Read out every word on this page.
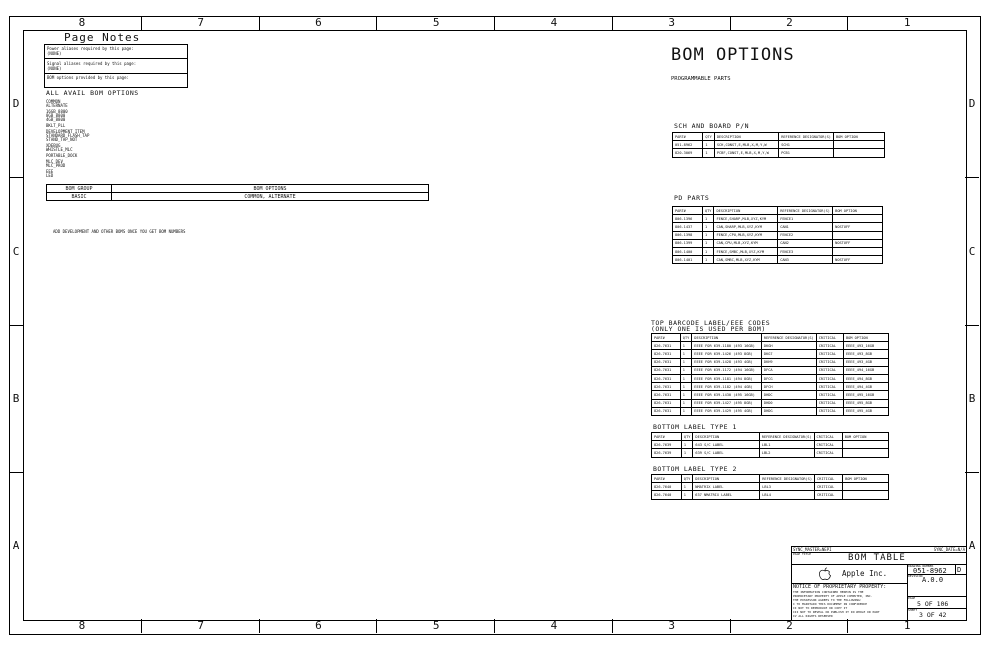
8	7	6	5	4	3	2	1
8	7	6	5	4	3	2	1
D
C
B
A
D
C
B
A
Page Notes
Power aliases required by this page:
(NONE)
Signal aliases required by this page:
(NONE)
BOM options provided by this page:
ALL AVAIL BOM OPTIONS
COMMON
ALTERNATE
16GB_8800
8GB_8800
4GB_8800
BKLT_PLL
DEVELOPMENT_ITEM
STANDARD_FLASH_TAP
STAND_TAP_NOT
XDEBUG
WHISTLE_MLC
PORTABLE_DOCK
MLC_DEV
MLC_PROD
EEE
LED
BOM GROUP	BOM OPTIONS
BASIC	COMMON, ALTERNATE
ADD DEVELOPMENT AND OTHER BOMS ONCE YOU GET BOM NUMBERS
BOM OPTIONS
PROGRAMMABLE PARTS
SCH AND BOARD P/N
PART#	QTY	DESCRIPTION	REFERENCE DESIGNATOR(S)	BOM OPTION
051-8962	1	SCH,CONST,E,MLB,X,M,Y,W	SCH1	
820-3069	1	PCBF,CONST,E,MLB,X,M,Y,W	PCB1	
PD PARTS
PART#	QTY	DESCRIPTION	REFERENCE DESIGNATOR(S)	BOM OPTION
806-1396	1	FENCE,SHARP,MLB,XYZ,KYM	FENCE1	
806-1437	1	CAN,SHARP,MLB,XYZ,KYM	CAN1	NOSTUFF
806-1398	1	FENCE,CPU,MLB,XYZ,KYM	FENCE2	
806-1399	1	CAN,CPU,MLB,XYZ,KYM	CAN2	NOSTUFF
806-1400	1	FENCE,SMBC,MLB,XYZ,KYM	FENCE3	
806-1401	1	CAN,SMBC,MLB,XYZ,KYM	CAN3	NOSTUFF
TOP BARCODE LABEL/EEE CODES
(ONLY ONE IS USED PER BOM)
PART#	QTY	DESCRIPTION	REFERENCE DESIGNATOR(S)	CRITICAL	BOM OPTION
826-7631	1	EEEE FOR 639-1180 (493 16GB)	DKGH	CRITICAL	EEEE_493_16GB
826-7631	1	EEEE FOR 639-1426 (493 8GB)	DKG7	CRITICAL	EEEE_493_8GB
826-7631	1	EEEE FOR 639-1428 (493 4GB)	DKH9	CRITICAL	EEEE_493_4GB
826-7631	1	EEEE FOR 639-1172 (494 16GB)	DFCA	CRITICAL	EEEE_494_16GB
826-7631	1	EEEE FOR 639-1181 (494 8GB)	DFCG	CRITICAL	EEEE_494_8GB
826-7631	1	EEEE FOR 639-1182 (494 4GB)	DFCH	CRITICAL	EEEE_494_4GB
826-7631	1	EEEE FOR 639-1430 (495 16GB)	DHDC	CRITICAL	EEEE_495_16GB
826-7631	1	EEEE FOR 639-1427 (495 8GB)	DHD0	CRITICAL	EEEE_495_8GB
826-7631	1	EEEE FOR 639-1429 (495 4GB)	DHDG	CRITICAL	EEEE_495_4GB
BOTTOM LABEL TYPE 1
PART#	QTY	DESCRIPTION	REFERENCE DESIGNATOR(S)	CRITICAL	BOM OPTION
826-7639	1	643 S/C LABEL	LBL1	CRITICAL	
826-7639	1	639 S/C LABEL	LBL2	CRITICAL	
BOTTOM LABEL TYPE 2
PART#	QTY	DESCRIPTION	REFERENCE DESIGNATOR(S)	CRITICAL	BOM OPTION
826-7640	1	NMATRIX LABEL	LBL3	CRITICAL	
826-7640	1	637 NMATRIX LABEL	LBL4	CRITICAL	
SYNC_MASTER=NEPI	SYNC_DATE=N/A
PAGE TITLE	BOM TABLE
Apple Inc.
DRAWING NUMBER
051-8962 D
REVISION A.0.0
NOTICE OF PROPRIETARY PROPERTY:
THE INFORMATION CONTAINED HEREIN IS THE
PROPRIETARY PROPERTY OF APPLE COMPUTER, INC.
THE POSSESSOR AGREES TO THE FOLLOWING:
I TO MAINTAIN THIS DOCUMENT IN CONFIDENCE
II NOT TO REPRODUCE OR COPY IT
III NOT TO REVEAL OR PUBLISH IT IN WHOLE OR PART
IV ALL RIGHTS RESERVED
PAGE
5 OF 106
SHEET
3 OF 42
